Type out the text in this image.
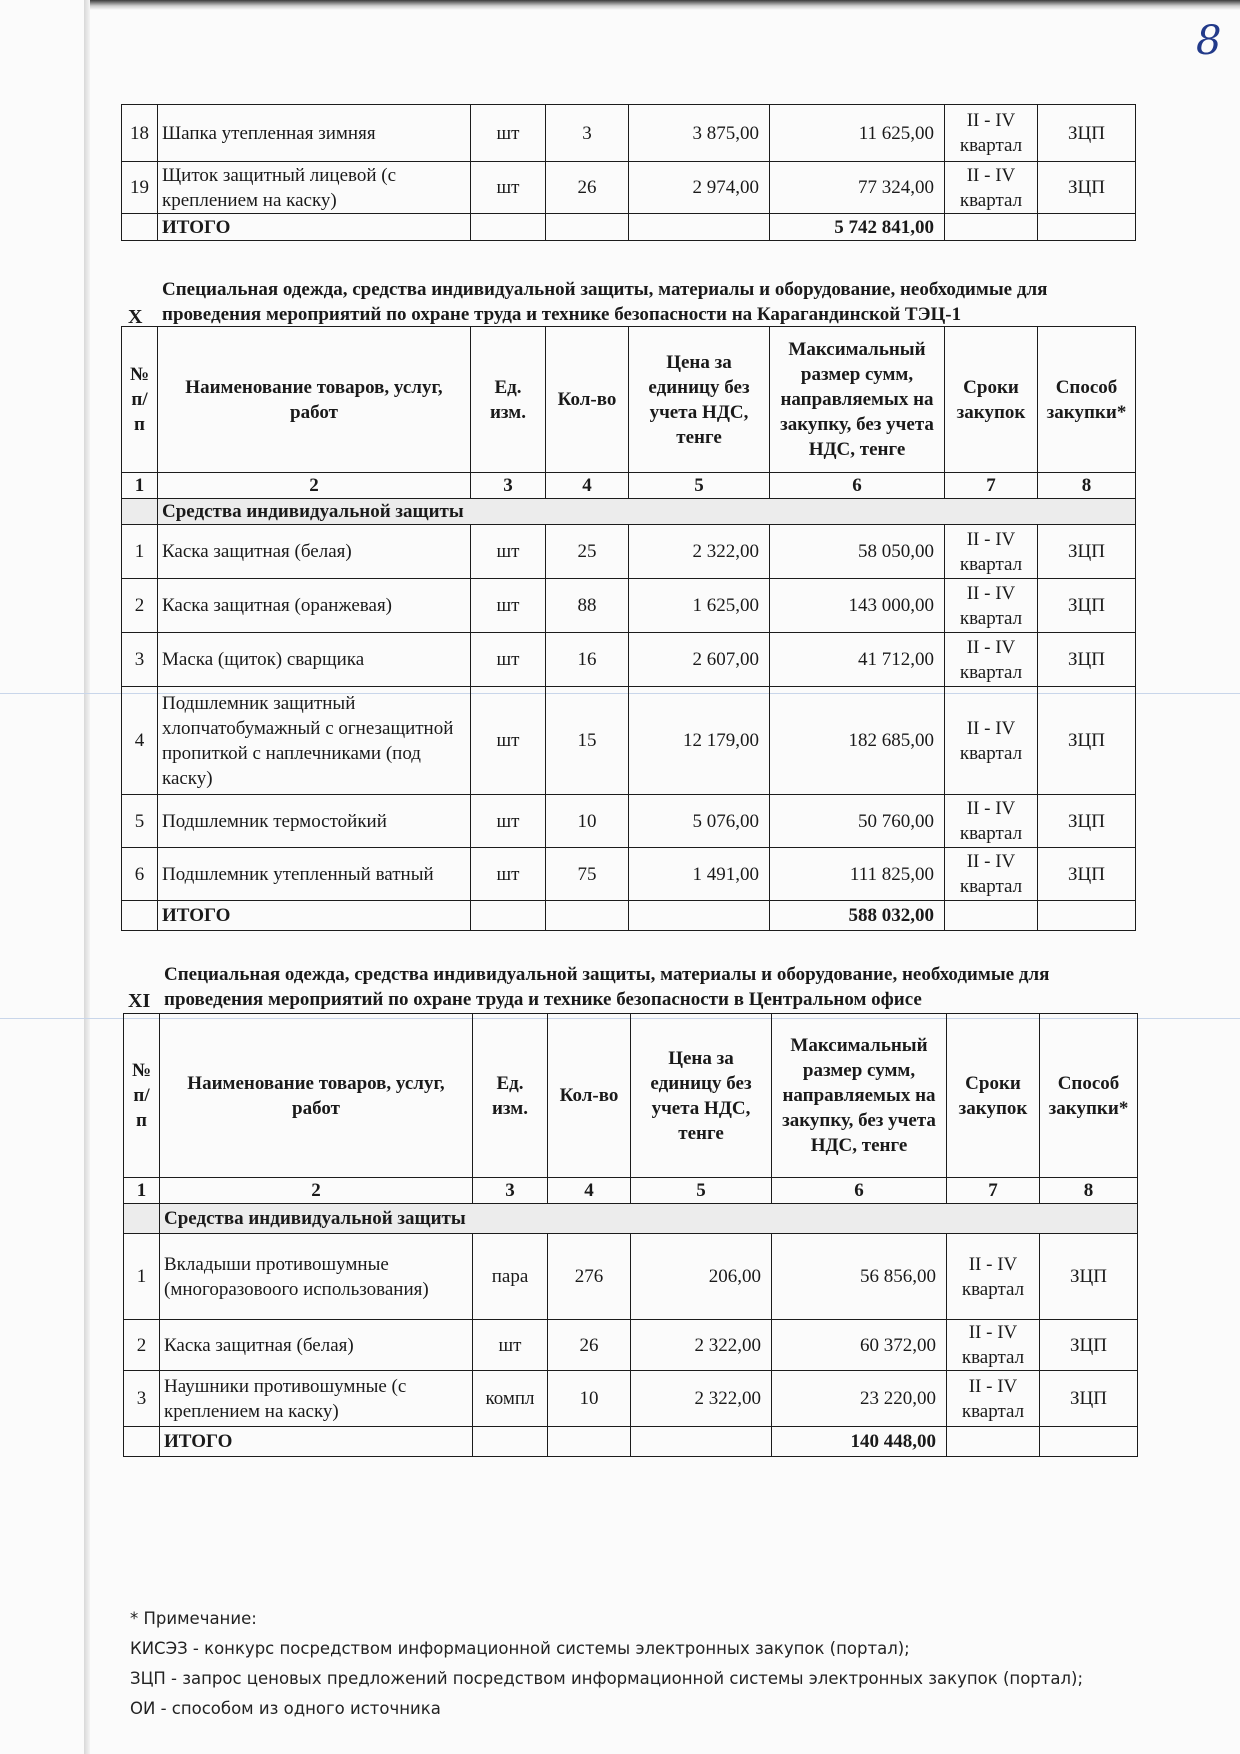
8
18	Шапка утепленная зимняя	шт	3	3 875,00	11 625,00	II - IV квартал	ЗЦП
19	Щиток защитный лицевой (с креплением на каску)	шт	26	2 974,00	77 324,00	II - IV квартал	ЗЦП
	ИТОГО				5 742 841,00		
X
Специальная одежда, средства индивидуальной защиты, материалы и оборудование, необходимые для проведения мероприятий по охране труда и технике безопасности на Карагандинской ТЭЦ-1
№ п/п	Наименование товаров, услуг, работ	Ед. изм.	Кол-во	Цена за единицу без учета НДС, тенге	Максимальный размер сумм, направляемых на закупку, без учета НДС, тенге	Сроки закупок	Способ закупки*
1	2	3	4	5	6	7	8
	Средства индивидуальной защиты						
1	Каска защитная (белая)	шт	25	2 322,00	58 050,00	II - IV квартал	ЗЦП
2	Каска защитная (оранжевая)	шт	88	1 625,00	143 000,00	II - IV квартал	ЗЦП
3	Маска (щиток) сварщика	шт	16	2 607,00	41 712,00	II - IV квартал	ЗЦП
4	Подшлемник защитный хлопчатобумажный с огнезащитной пропиткой с наплечниками (под каску)	шт	15	12 179,00	182 685,00	II - IV квартал	ЗЦП
5	Подшлемник термостойкий	шт	10	5 076,00	50 760,00	II - IV квартал	ЗЦП
6	Подшлемник утепленный ватный	шт	75	1 491,00	111 825,00	II - IV квартал	ЗЦП
	ИТОГО				588 032,00		
XI
Специальная одежда, средства индивидуальной защиты, материалы и оборудование, необходимые для проведения мероприятий по охране труда и технике безопасности в Центральном офисе
№ п/п	Наименование товаров, услуг, работ	Ед. изм.	Кол-во	Цена за единицу без учета НДС, тенге	Максимальный размер сумм, направляемых на закупку, без учета НДС, тенге	Сроки закупок	Способ закупки*
1	2	3	4	5	6	7	8
	Средства индивидуальной защиты						
1	Вкладыши противошумные (многоразовоого использования)	пара	276	206,00	56 856,00	II - IV квартал	ЗЦП
2	Каска защитная (белая)	шт	26	2 322,00	60 372,00	II - IV квартал	ЗЦП
3	Наушники противошумные (с креплением на каску)	компл	10	2 322,00	23 220,00	II - IV квартал	ЗЦП
	ИТОГО				140 448,00		
* Примечание:
КИСЭЗ - конкурс посредством информационной системы электронных закупок (портал);
ЗЦП - запрос ценовых предложений посредством информационной системы электронных закупок (портал);
ОИ - способом из одного источника
